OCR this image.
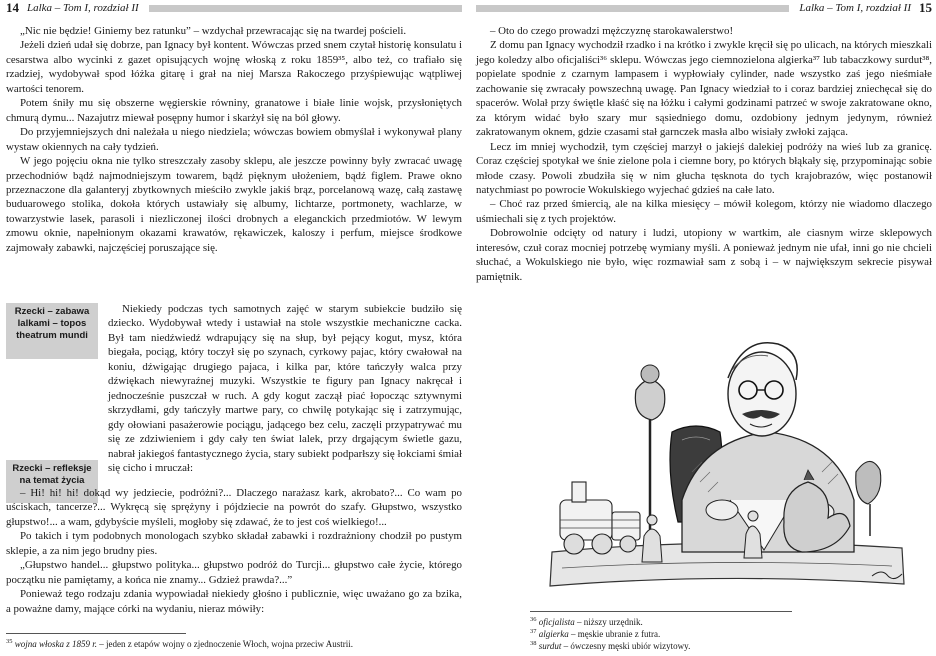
14 Lalka – Tom I, rozdział II

„Nic nie będzie! Giniemy bez ratunku” – wzdychał przewracając się na twardej pościeli.

Jeżeli dzień udał się dobrze, pan Ignacy był kontent. Wówczas przed snem czytał historię konsulatu i cesarstwa albo wycinki z gazet opisujących wojnę włoską z roku 1859³⁵, albo też, co trafiało się rzadziej, wydobywał spod łóżka gitarę i grał na niej Marsza Rakoczego przyśpiewując wątpliwej wartości tenorem.

Potem śniły mu się obszerne węgierskie równiny, granatowe i białe linie wojsk, przysłoniętych chmurą dymu... Nazajutrz miewał posępny humor i skarżył się na ból głowy.

Do przyjemniejszych dni należała u niego niedziela; wówczas bowiem obmyślał i wykonywał plany wystaw okiennych na cały tydzień.

W jego pojęciu okna nie tylko streszczały zasoby sklepu, ale jeszcze powinny były zwracać uwagę przechodniów bądź najmodniejszym towarem, bądź pięknym ułożeniem, bądź figlem. Prawe okno przeznaczone dla galanteryj zbytkownych mieściło zwykle jakiś brąz, porcelanową wazę, całą zastawę buduarowego stolika, dokoła których ustawiały się albumy, lichtarze, portmonety, wachlarze, w towarzystwie lasek, parasoli i niezliczonej ilości drobnych a eleganckich przedmiotów. W lewym zmowu oknie, napełnionym okazami krawatów, rękawiczek, kaloszy i perfum, miejsce środkowe zajmowały zabawki, najczęściej poruszające się.

Rzecki – zabawa lalkami – topos theatrum mundi
Rzecki – refleksje na temat życia

Niekiedy podczas tych samotnych zajęć w starym subiekcie budziło się dziecko. Wydobywał wtedy i ustawiał na stole wszystkie mechaniczne cacka. Był tam niedźwiedź wdrapujący się na słup, był pejący kogut, mysz, która biegała, pociąg, który toczył się po szynach, cyrkowy pajac, który cwałował na koniu, dźwigając drugiego pajaca, i kilka par, które tańczyły walca przy dźwiękach niewyraźnej muzyki. Wszystkie te figury pan Ignacy nakręcał i jednocześnie puszczał w ruch. A gdy kogut zaczął piać łopocząc sztywnymi skrzydłami, gdy tańczyły martwe pary, co chwilę potykając się i zatrzymując, gdy ołowiani pasażerowie pociągu, jadącego bez celu, zaczęli przypatrywać mu się ze zdziwieniem i gdy cały ten świat lalek, przy drgającym świetle gazu, nabrał jakiegoś fantastycznego życia, stary subiekt podparłszy się łokciami śmiał się cicho i mruczał:

– Hi! hi! hi! dokąd wy jedziecie, podróżni?... Dlaczego narażasz kark, akrobato?... Co wam po uściskach, tancerze?... Wykręcą się sprężyny i pójdziecie na powrót do szafy. Głupstwo, wszystko głupstwo!... a wam, gdybyście myśleli, mogłoby się zdawać, że to jest coś wielkiego!...

Po takich i tym podobnych monologach szybko składał zabawki i rozdrażniony chodził po pustym sklepie, a za nim jego brudny pies.

„Głupstwo handel... głupstwo polityka... głupstwo podróż do Turcji... głupstwo całe życie, którego początku nie pamiętamy, a końca nie znamy... Gdzież prawda?...”

Ponieważ tego rodzaju zdania wypowiadał niekiedy głośno i publicznie, więc uważano go za bzika, a poważne damy, mające córki na wydaniu, nieraz mówiły:

$^{35}$ wojna włoska z 1859 r. – jeden z etapów wojny o zjednoczenie Włoch, wojna przeciw Austrii.
Lalka – Tom I, rozdział II 15

– Oto do czego prowadzi mężczyznę starokawalerstwo!

Z domu pan Ignacy wychodził rzadko i na krótko i zwykle kręcił się po ulicach, na których mieszkali jego koledzy albo oficjaliści³⁶ sklepu. Wówczas jego ciemnozielona algierka³⁷ lub tabaczkowy surdut³⁸, popielate spodnie z czarnym lampasem i wypłowiały cylinder, nade wszystko zaś jego nieśmiałe zachowanie się zwracały powszechną uwagę. Pan Ignacy wiedział to i coraz bardziej zniechęcał się do spacerów. Wolał przy świętle kłaść się na łóżku i całymi godzinami patrzeć w swoje zakratowane okno, za którym widać było szary mur sąsiedniego domu, ozdobiony jednym jedynym, również zakratowanym oknem, gdzie czasami stał garnczek masła albo wisiały zwłoki zająca.

Lecz im mniej wychodził, tym częściej marzył o jakiejś dalekiej podróży na wieś lub za granicę. Coraz częściej spotykał we śnie zielone pola i ciemne bory, po których błąkały się, przypominając sobie młode czasy. Powoli zbudziła się w nim głucha tęsknota do tych krajobrazów, więc postanowił natychmiast po powrocie Wokulskiego wyjechać gdzieś na całe lato.

– Choć raz przed śmiercią, ale na kilka miesięcy – mówił kolegom, którzy nie wiadomo dlaczego uśmiechali się z tych projektów.

Dobrowolnie odcięty od natury i ludzi, utopiony w wartkim, ale ciasnym wirze sklepowych interesów, czuł coraz mocniej potrzebę wymiany myśli. A ponieważ jednym nie ufał, inni go nie chcieli słuchać, a Wokulskiego nie było, więc rozmawiał sam z sobą i – w największym sekrecie pisywał pamiętnik.

$^{36}$ oficjalista – niższy urzędnik.
$^{37}$ algierka – męskie ubranie z futra.
$^{38}$ surdut – ówczesny męski ubiór wizytowy.
